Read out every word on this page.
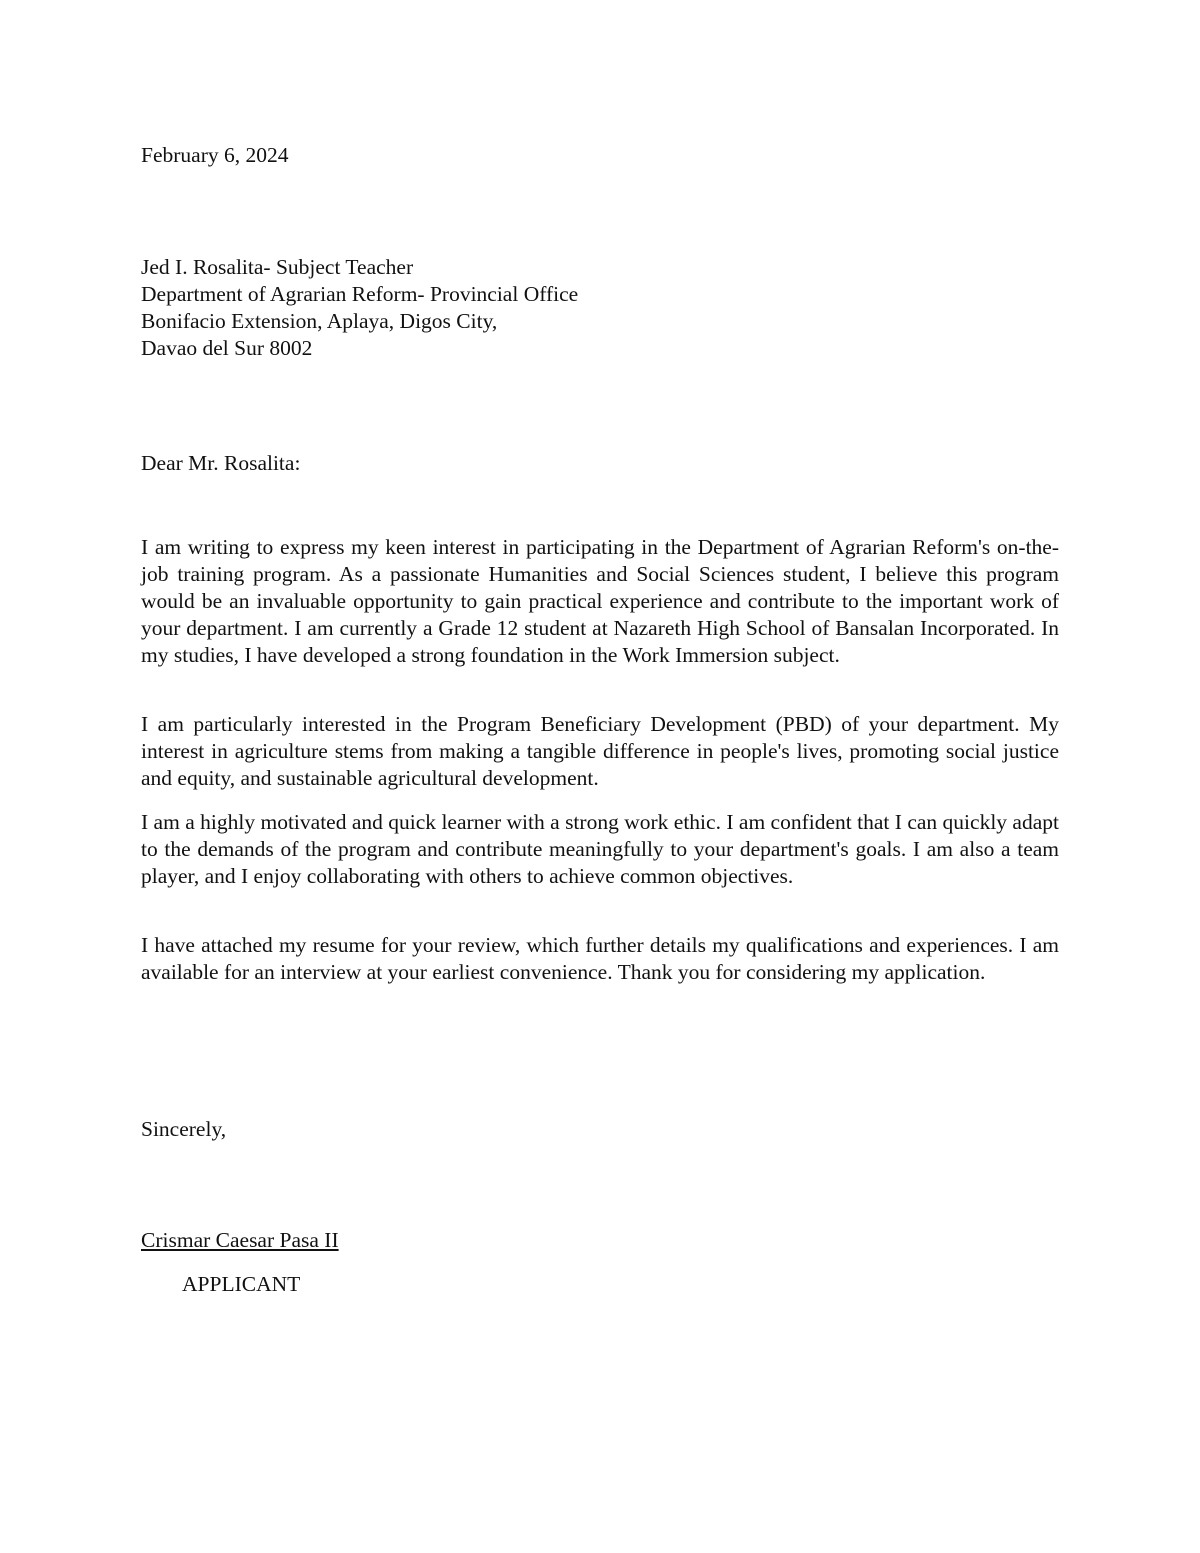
February 6, 2024
Jed I. Rosalita- Subject Teacher
Department of Agrarian Reform- Provincial Office
Bonifacio Extension, Aplaya, Digos City,
Davao del Sur 8002
Dear Mr. Rosalita:
I am writing to express my keen interest in participating in the Department of Agrarian Reform's on-the-job training program. As a passionate Humanities and Social Sciences student, I believe this program would be an invaluable opportunity to gain practical experience and contribute to the important work of your department. I am currently a Grade 12 student at Nazareth High School of Bansalan Incorporated. In my studies, I have developed a strong foundation in the Work Immersion subject.
I am particularly interested in the Program Beneficiary Development (PBD) of your department. My interest in agriculture stems from making a tangible difference in people's lives, promoting social justice and equity, and sustainable agricultural development.
I am a highly motivated and quick learner with a strong work ethic. I am confident that I can quickly adapt to the demands of the program and contribute meaningfully to your department's goals. I am also a team player, and I enjoy collaborating with others to achieve common objectives.
I have attached my resume for your review, which further details my qualifications and experiences. I am available for an interview at your earliest convenience. Thank you for considering my application.
Sincerely,
Crismar Caesar Pasa II
APPLICANT
